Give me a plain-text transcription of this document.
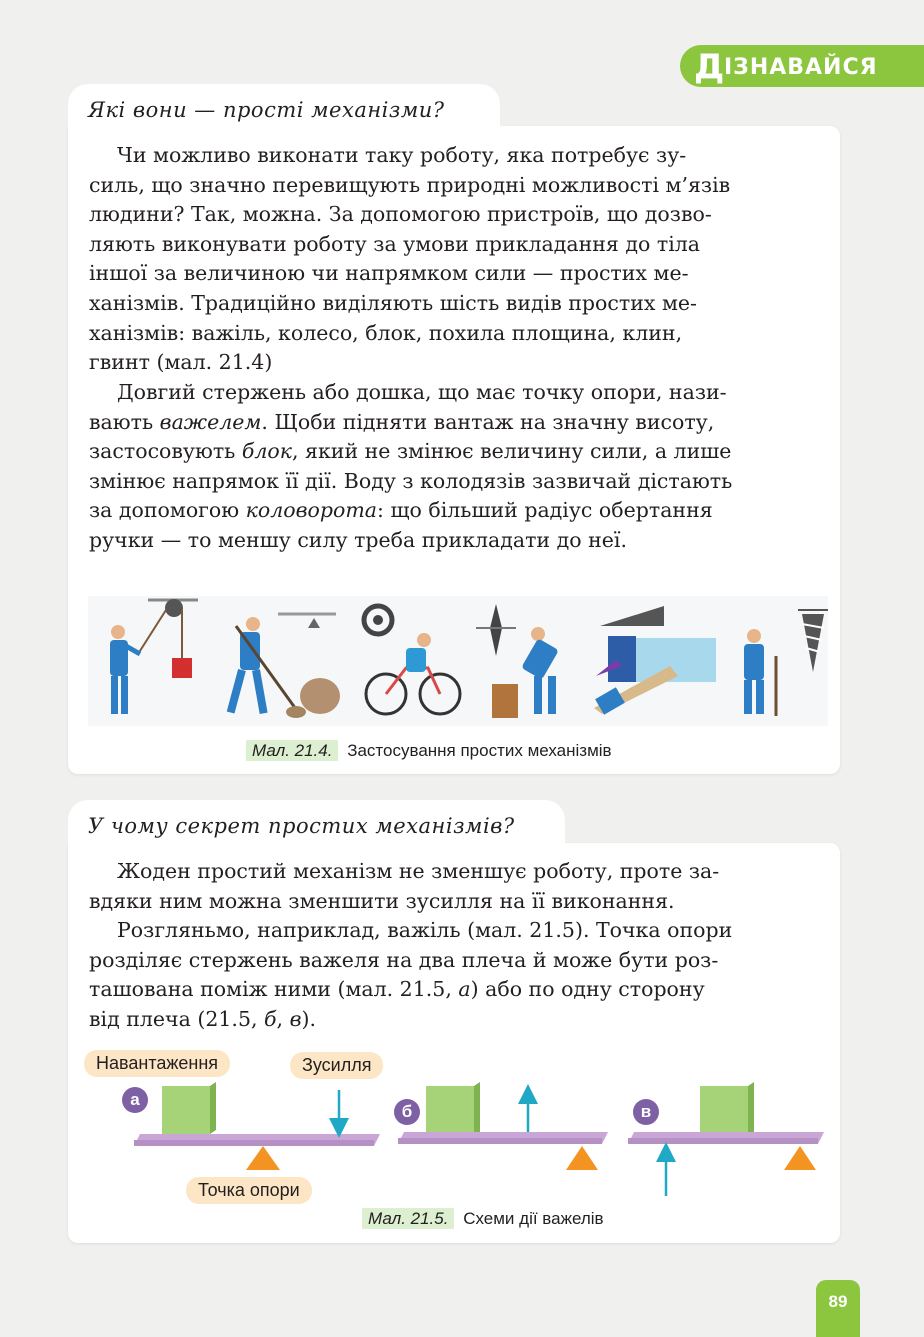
Д ІЗНАВАЙСЯ
Які вони — прості механізми?
Чи можливо виконати таку роботу, яка потребує зу-
силь, що значно перевищують природні можливості м’язів
людини? Так, можна. За допомогою пристроїв, що дозво-
ляють виконувати роботу за умови прикладання до тіла
іншої за величиною чи напрямком сили — простих ме-
ханізмів. Традиційно виділяють шість видів простих ме-
ханізмів: важіль, колесо, блок, похила площина, клин,
гвинт (мал. 21.4)
Довгий стержень або дошка, що має точку опори, нази-
вають важелем. Щоби підняти вантаж на значну висоту,
застосовують блок, який не змінює величину сили, а лише
змінює напрямок її дії. Воду з колодязів зазвичай дістають
за допомогою коловорота: що більший радіус обертання
ручки — то меншу силу треба прикладати до неї.
Мал. 21.4. Застосування простих механізмів
У чому секрет простих механізмів?
Жоден простий механізм не зменшує роботу, проте за-
вдяки ним можна зменшити зусилля на її виконання.
Розгляньмо, наприклад, важіль (мал. 21.5). Точка опори
розділяє стержень важеля на два плеча й може бути роз-
ташована поміж ними (мал. 21.5, а) або по одну сторону
від плеча (21.5, б, в).
Навантаження	Зусилля
Точка опори
а
б	в
Мал. 21.5. Схеми дії важелів
89
